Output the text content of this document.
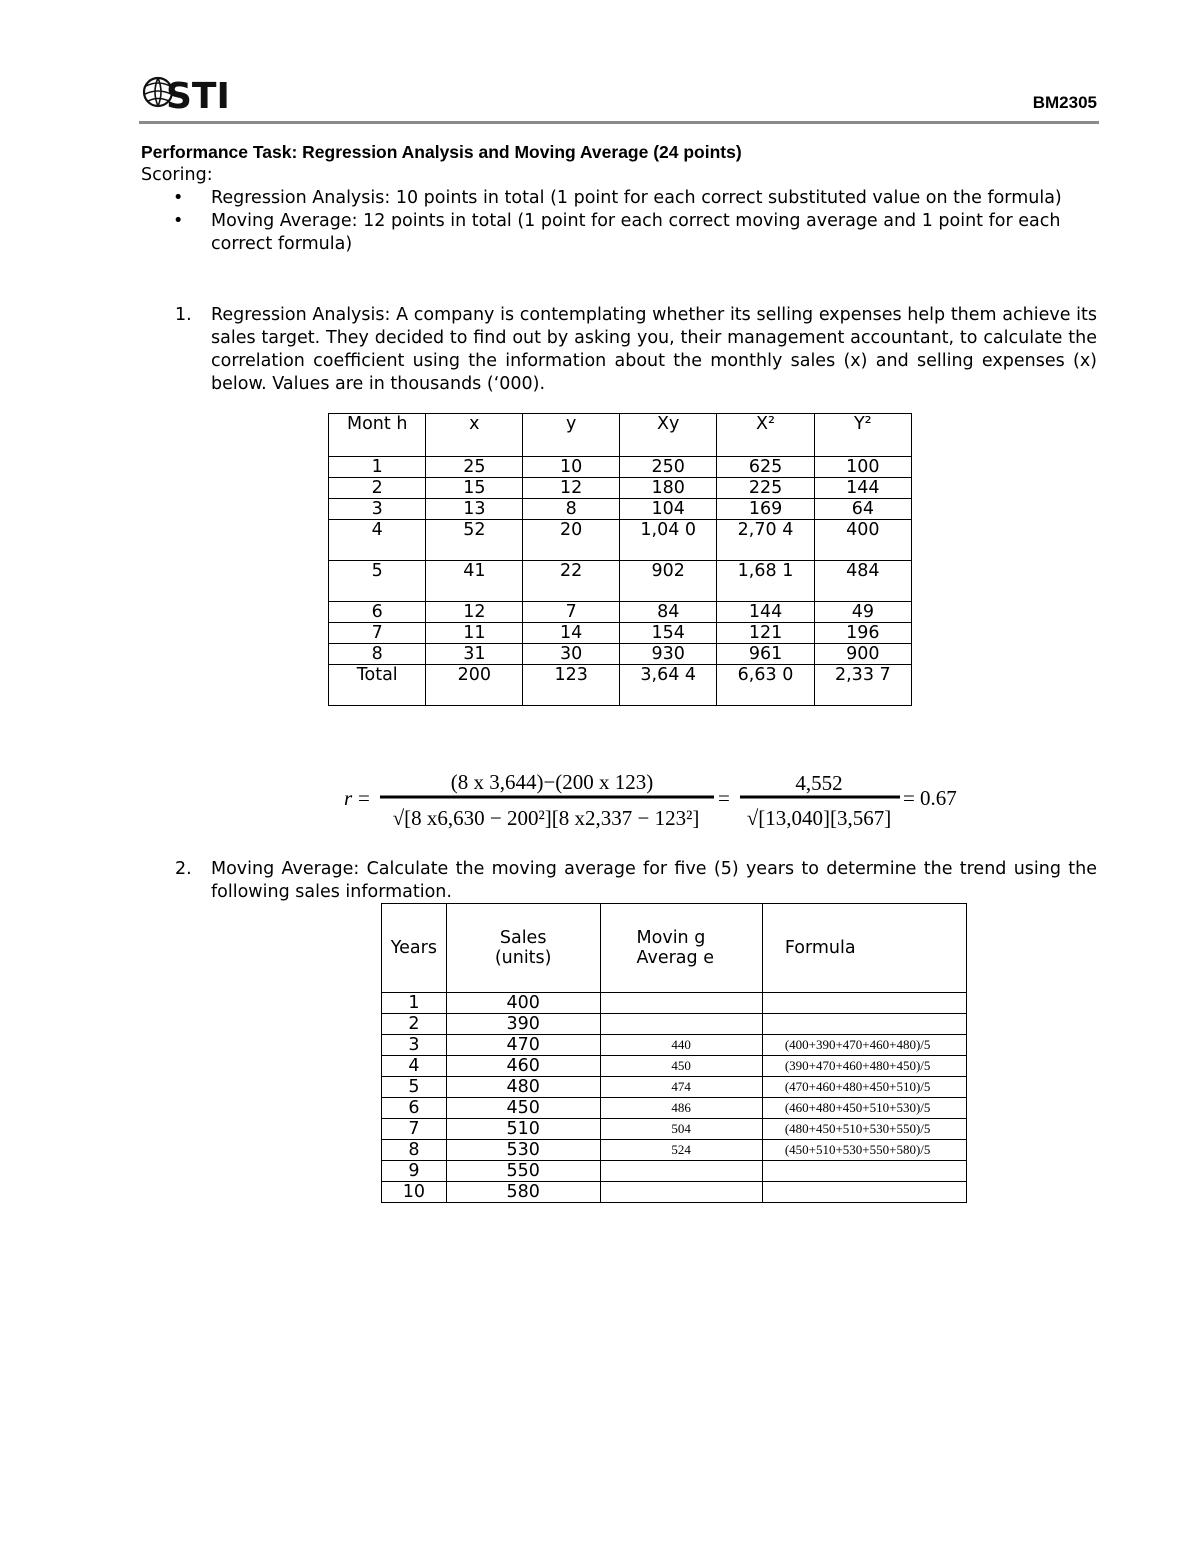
STI	BM2305
Performance Task: Regression Analysis and Moving Average (24 points)
Scoring:
• Regression Analysis: 10 points in total (1 point for each correct substituted value on the formula)
• Moving Average: 12 points in total (1 point for each correct moving average and 1 point for each correct formula)
1. Regression Analysis: A company is contemplating whether its selling expenses help them achieve its sales target. They decided to find out by asking you, their management accountant, to calculate the correlation coefficient using the information about the monthly sales (x) and selling expenses (x) below. Values are in thousands (‘000).
Mont h	x	y	Xy	X²	Y²
1	25	10	250	625	100
2	15	12	180	225	144
3	13	8	104	169	64
4	52	20	1,04 0	2,70 4	400
5	41	22	902	1,68 1	484
6	12	7	84	144	49
7	11	14	154	121	196
8	31	30	930	961	900
Total	200	123	3,64 4	6,63 0	2,33 7
r =
(8 x 3,644)−(200 x 123)
√[8 x6,630 − 200²][8 x2,337 − 123²]
=
4,552
√[13,040][3,567]
= 0.67
2. Moving Average: Calculate the moving average for five (5) years to determine the trend using the following sales information.
Years	Sales (units)	Movin g Averag e	Formula
1	400		
2	390		
3	470	440	(400+390+470+460+480)/5
4	460	450	(390+470+460+480+450)/5
5	480	474	(470+460+480+450+510)/5
6	450	486	(460+480+450+510+530)/5
7	510	504	(480+450+510+530+550)/5
8	530	524	(450+510+530+550+580)/5
9	550		
10	580		
